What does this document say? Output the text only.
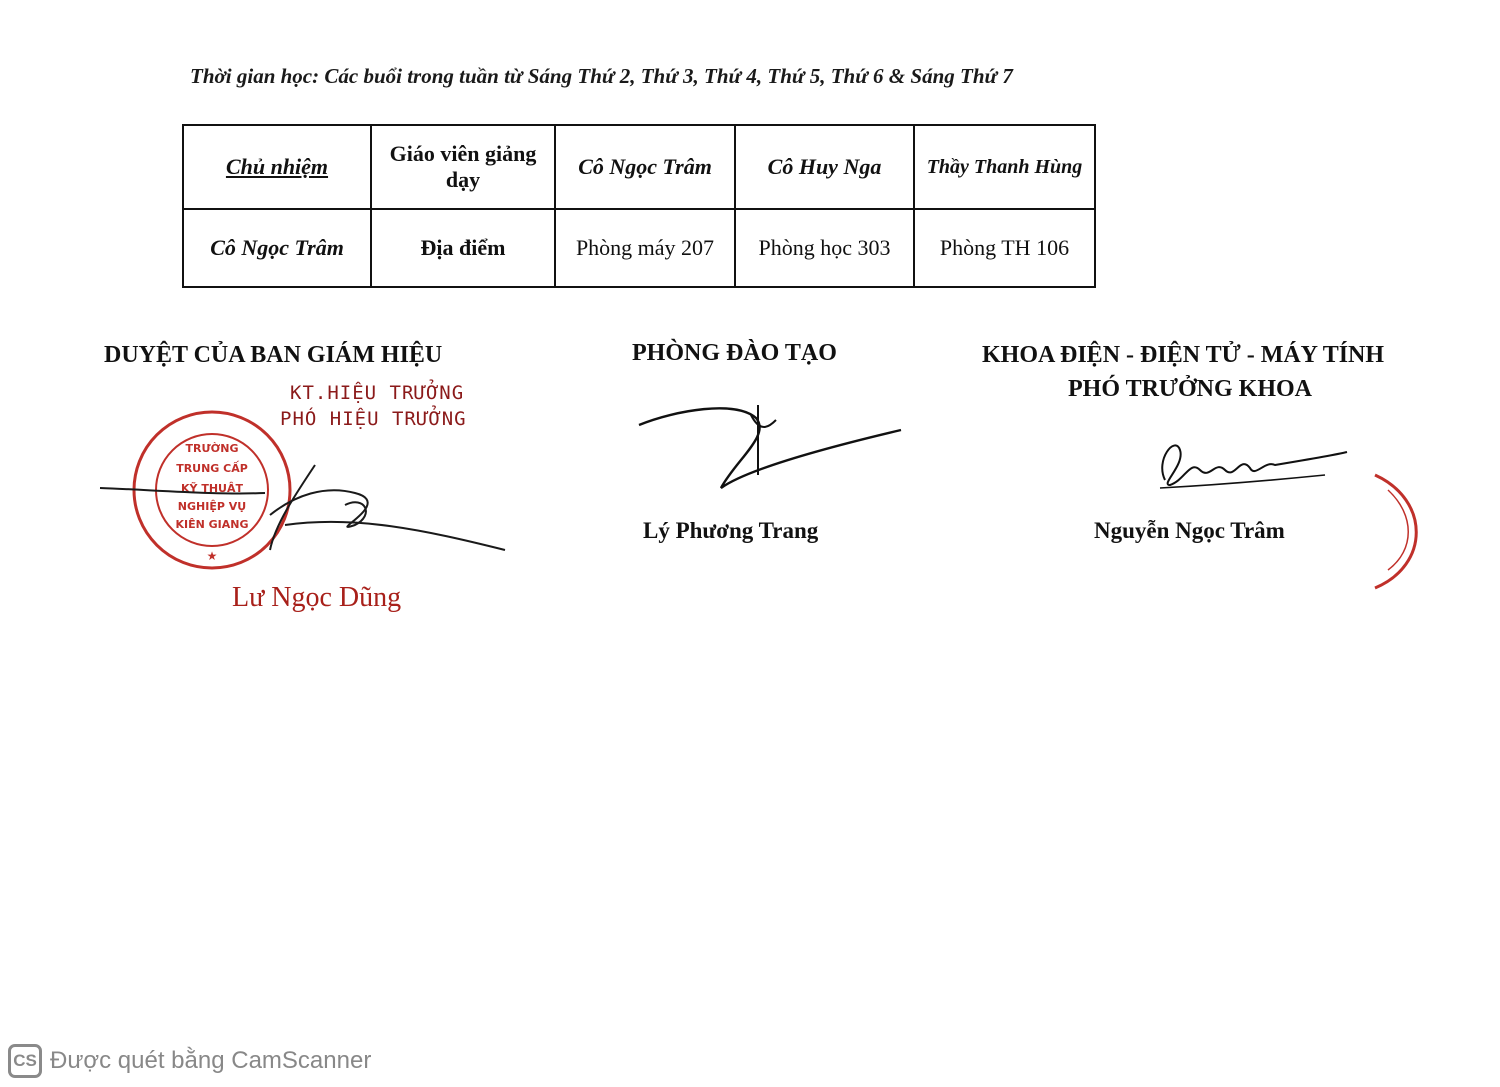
Thời gian học: Các buổi trong tuần từ Sáng Thứ 2, Thứ 3, Thứ 4, Thứ 5, Thứ 6 & Sáng Thứ 7
Chủ nhiệm	Giáo viên giảng dạy	Cô Ngọc Trâm	Cô Huy Nga	Thầy Thanh Hùng
Cô Ngọc Trâm	Địa điểm	Phòng máy 207	Phòng học 303	Phòng TH 106
DUYỆT CỦA BAN GIÁM HIỆU
KT.HIỆU TRƯỞNG
PHÓ HIỆU TRƯỞNG
TRƯỜNG
TRUNG CẤP
KỸ THUẬT
NGHIỆP VỤ
KIÊN GIANG
★
Lư Ngọc Dũng
PHÒNG ĐÀO TẠO
Lý Phương Trang
KHOA ĐIỆN - ĐIỆN TỬ - MÁY TÍNH
PHÓ TRƯỞNG KHOA
Nguyễn Ngọc Trâm
CS Được quét bằng CamScanner
